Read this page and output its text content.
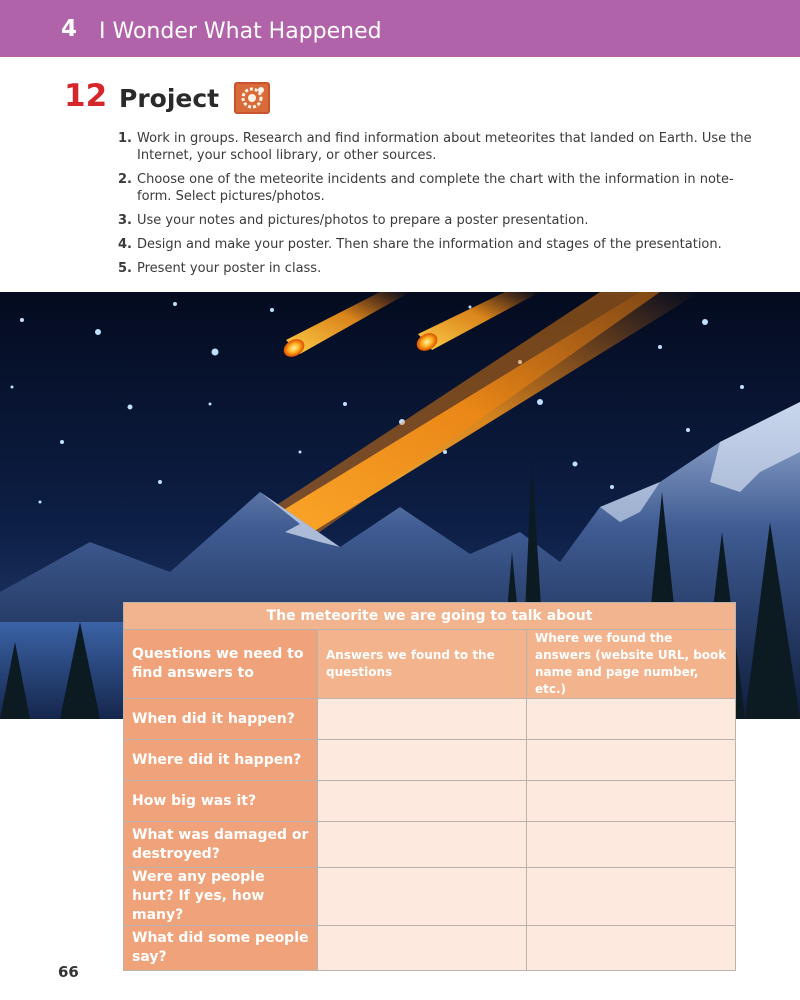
4 I Wonder What Happened
12 Project
1. Work in groups. Research and find information about meteorites that landed on Earth. Use the Internet, your school library, or other sources.
2. Choose one of the meteorite incidents and complete the chart with the information in note-form. Select pictures/photos.
3. Use your notes and pictures/photos to prepare a poster presentation.
4. Design and make your poster. Then share the information and stages of the presentation.
5. Present your poster in class.
The meteorite we are going to talk about		
Questions we need to find answers to	Answers we found to the questions	Where we found the answers (website URL, book name and page number, etc.)
When did it happen?		
Where did it happen?		
How big was it?		
What was damaged or destroyed?		
Were any people hurt? If yes, how many?		
What did some people say?		
66
